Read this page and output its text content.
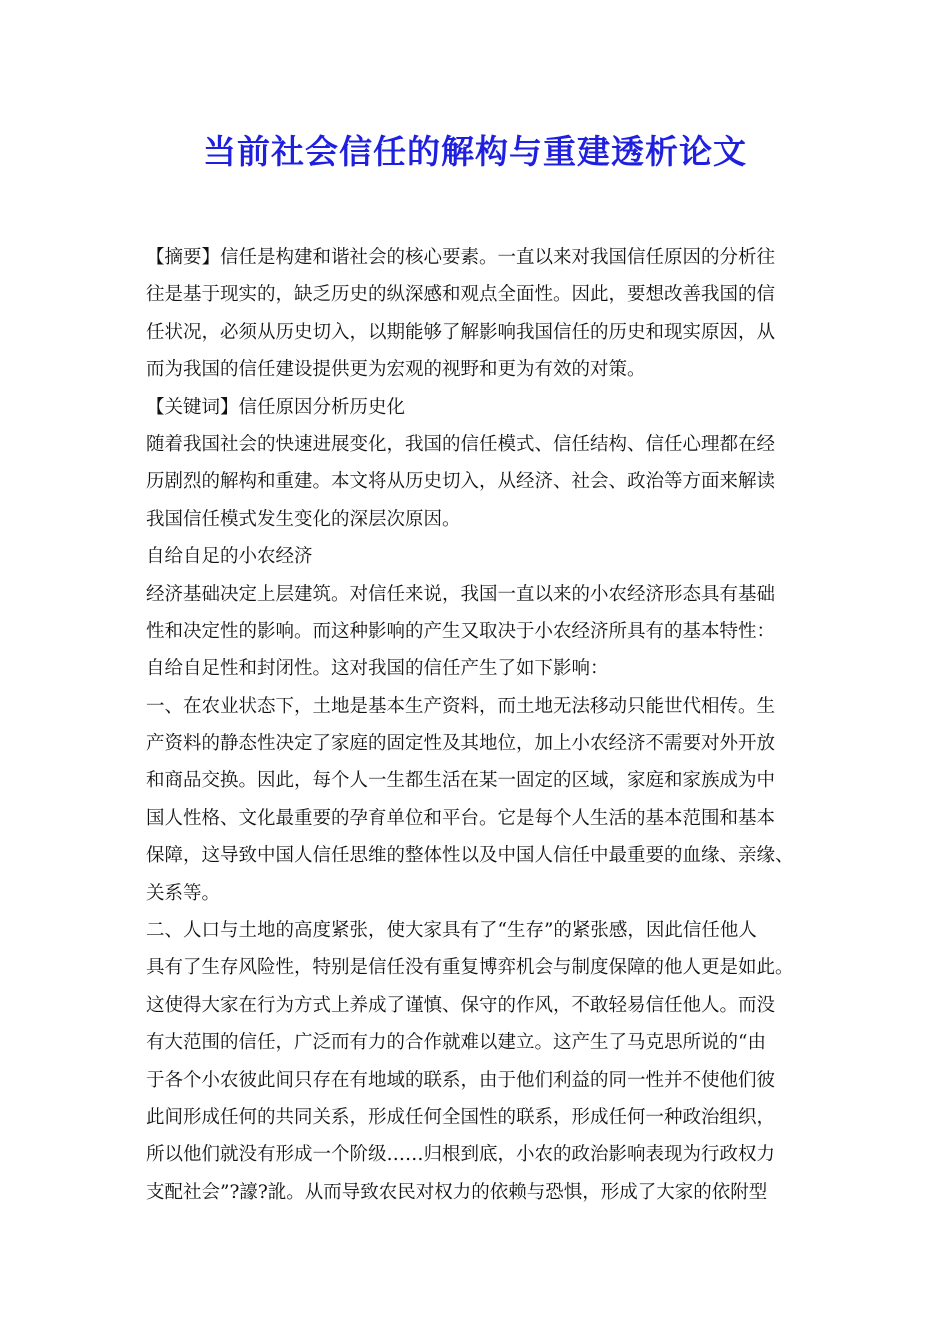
当前社会信任的解构与重建透析论文
【摘要】信任是构建和谐社会的核心要素。一直以来对我国信任原因的分析往
往是基于现实的，缺乏历史的纵深感和观点全面性。因此，要想改善我国的信
任状况，必须从历史切入，以期能够了解影响我国信任的历史和现实原因，从
而为我国的信任建设提供更为宏观的视野和更为有效的对策。
【关键词】信任原因分析历史化
随着我国社会的快速进展变化，我国的信任模式、信任结构、信任心理都在经
历剧烈的解构和重建。本文将从历史切入，从经济、社会、政治等方面来解读
我国信任模式发生变化的深层次原因。
自给自足的小农经济
经济基础决定上层建筑。对信任来说，我国一直以来的小农经济形态具有基础
性和决定性的影响。而这种影响的产生又取决于小农经济所具有的基本特性：
自给自足性和封闭性。这对我国的信任产生了如下影响：
一、在农业状态下，土地是基本生产资料，而土地无法移动只能世代相传。生
产资料的静态性决定了家庭的固定性及其地位，加上小农经济不需要对外开放
和商品交换。因此，每个人一生都生活在某一固定的区域，家庭和家族成为中
国人性格、文化最重要的孕育单位和平台。它是每个人生活的基本范围和基本
保障，这导致中国人信任思维的整体性以及中国人信任中最重要的血缘、亲缘、
关系等。
二、人口与土地的高度紧张，使大家具有了“生存”的紧张感，因此信任他人
具有了生存风险性，特别是信任没有重复博弈机会与制度保障的他人更是如此。
这使得大家在行为方式上养成了谨慎、保守的作风，不敢轻易信任他人。而没
有大范围的信任，广泛而有力的合作就难以建立。这产生了马克思所说的“由
于各个小农彼此间只存在有地域的联系，由于他们利益的同一性并不使他们彼
此间形成任何的共同关系，形成任何全国性的联系，形成任何一种政治组织，
所以他们就没有形成一个阶级……归根到底，小农的政治影响表现为行政权力
支配社会”?譹?訛。从而导致农民对权力的依赖与恐惧，形成了大家的依附型
